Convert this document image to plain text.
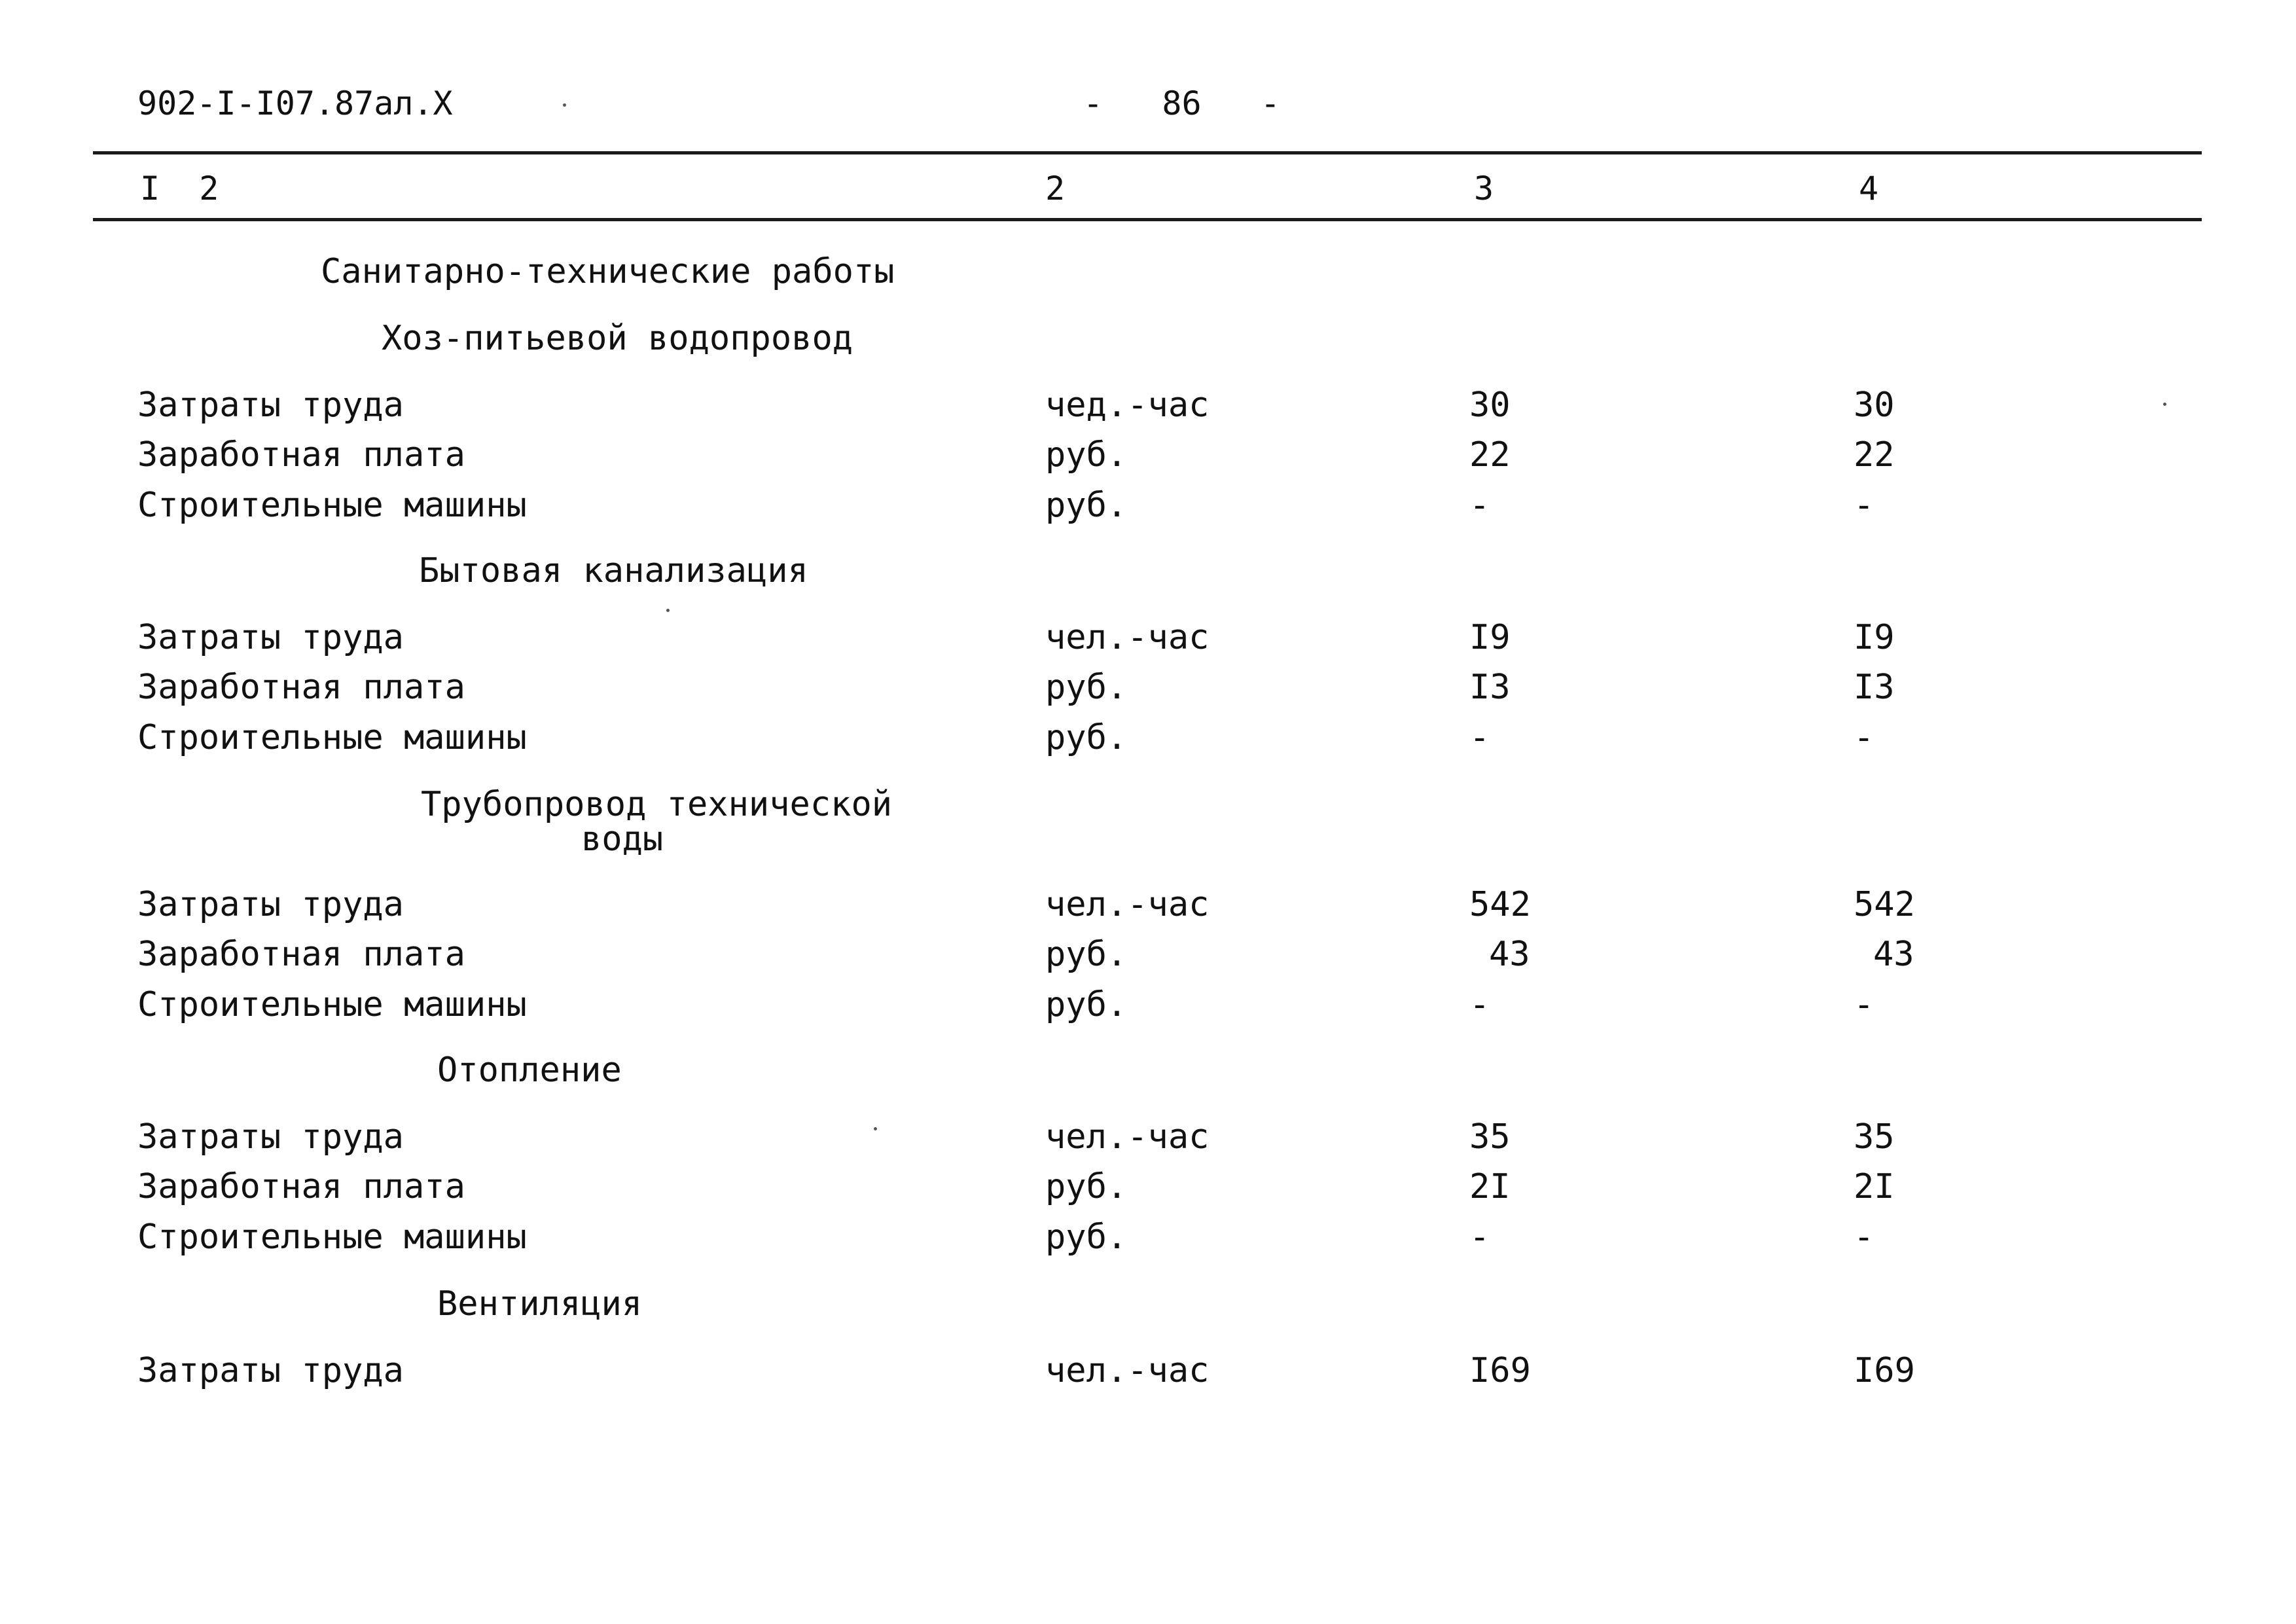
902-I-I07.87ал.Х	-   86   -
I  2	2	3	4
Санитарно-технические работы
Хоз-питьевой водопровод
Затраты труда	чед.-час	30	30
Заработная плата	руб.	22	22
Строительные машины	руб.	-	-
Бытовая канализация
Затраты труда	чел.-час	I9	I9
Заработная плата	руб.	I3	I3
Строительные машины	руб.	-	-
Трубопровод технической
воды
Затраты труда	чел.-час	542	542
Заработная плата	руб.	43	43
Строительные машины	руб.	-	-
Отопление
Затраты труда	чел.-час	35	35
Заработная плата	руб.	2I	2I
Строительные машины	руб.	-	-
Вентиляция
Затраты труда	чел.-час	I69	I69
